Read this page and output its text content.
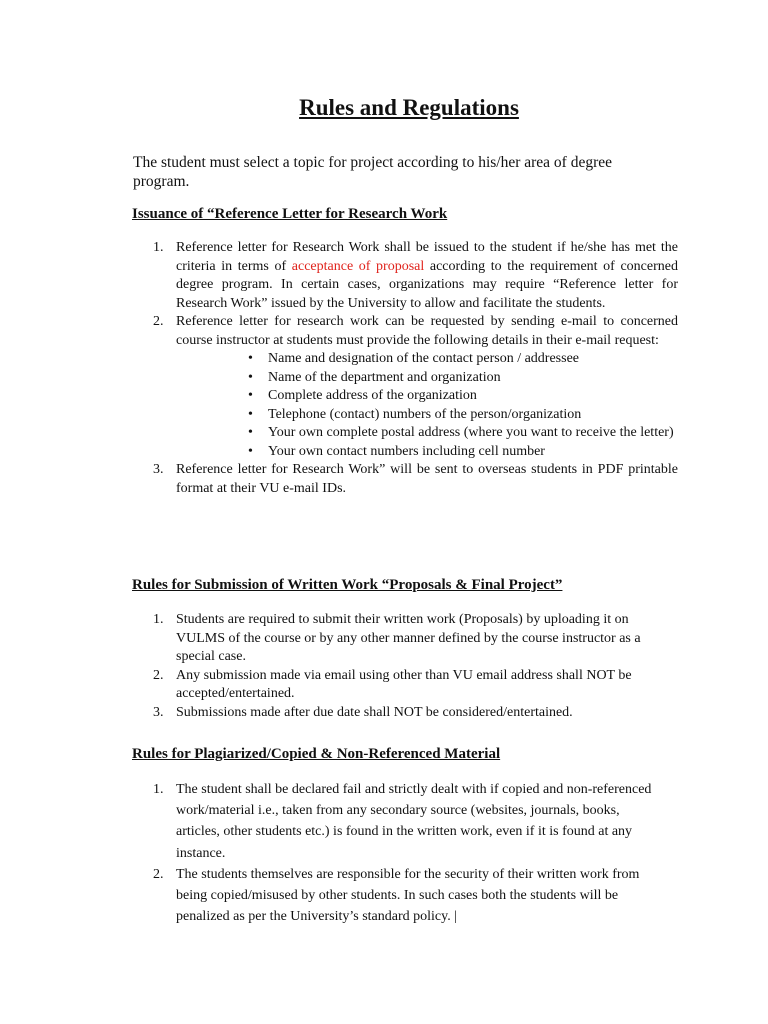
Rules and Regulations
The student must select a topic for project according to his/her area of degree program.
Issuance of “Reference Letter for Research Work
1. Reference letter for Research Work shall be issued to the student if he/she has met the criteria in terms of acceptance of proposal according to the requirement of concerned degree program. In certain cases, organizations may require “Reference letter for Research Work” issued by the University to allow and facilitate the students.
2. Reference letter for research work can be requested by sending e-mail to concerned course instructor at students must provide the following details in their e-mail request:
• Name and designation of the contact person / addressee
• Name of the department and organization
• Complete address of the organization
• Telephone (contact) numbers of the person/organization
• Your own complete postal address (where you want to receive the letter)
• Your own contact numbers including cell number
3. Reference letter for Research Work” will be sent to overseas students in PDF printable format at their VU e-mail IDs.
Rules for Submission of Written Work “Proposals & Final Project”
1. Students are required to submit their written work (Proposals) by uploading it on VULMS of the course or by any other manner defined by the course instructor as a special case.
2. Any submission made via email using other than VU email address shall NOT be accepted/entertained.
3. Submissions made after due date shall NOT be considered/entertained.
Rules for Plagiarized/Copied & Non-Referenced Material
1. The student shall be declared fail and strictly dealt with if copied and non-referenced work/material i.e., taken from any secondary source (websites, journals, books, articles, other students etc.) is found in the written work, even if it is found at any instance.
2. The students themselves are responsible for the security of their written work from being copied/misused by other students. In such cases both the students will be penalized as per the University’s standard policy. |
